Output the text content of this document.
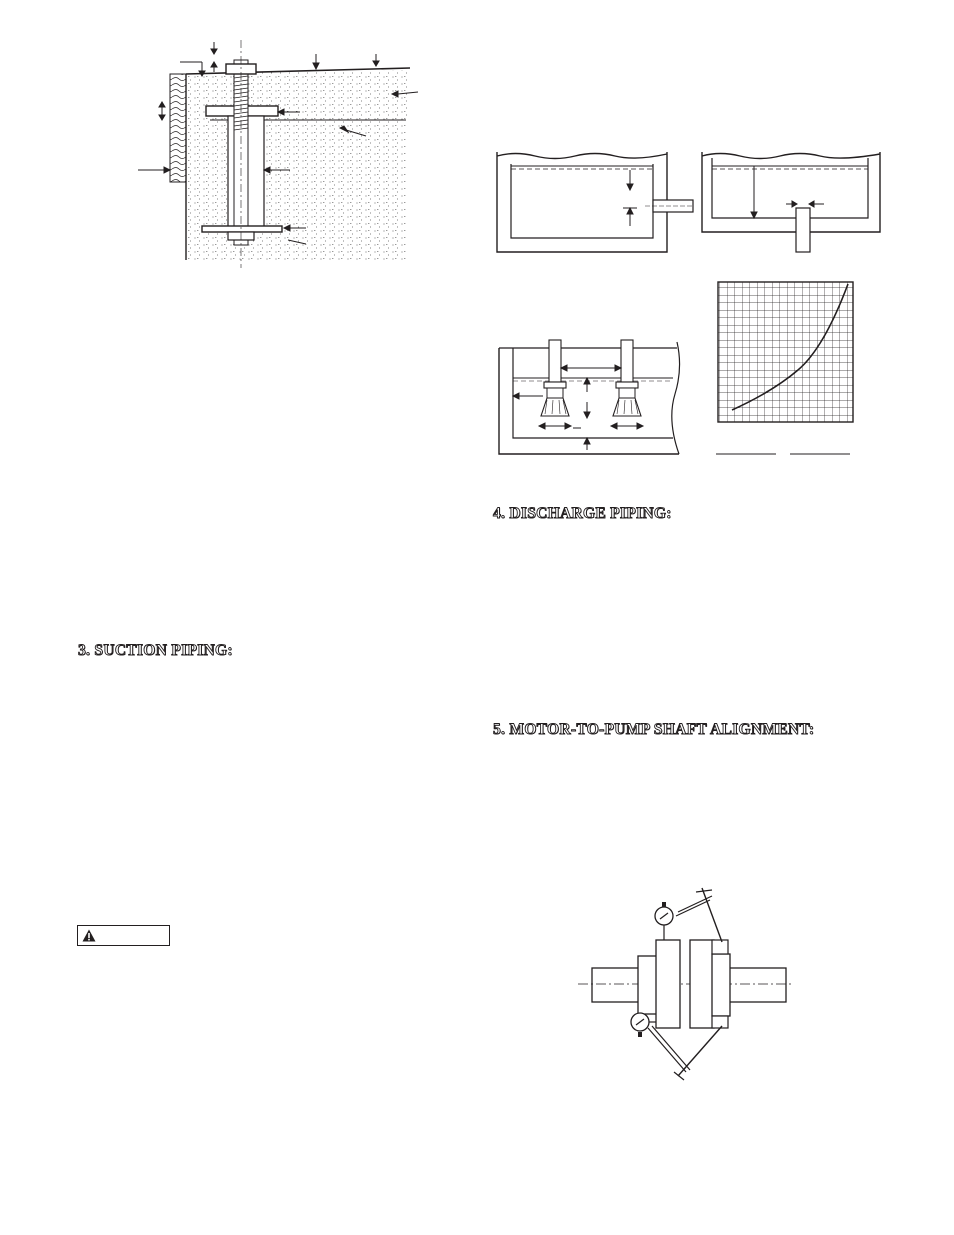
3. SUCTION PIPING:
4. DISCHARGE PIPING:
5. MOTOR-TO-PUMP SHAFT ALIGNMENT:
